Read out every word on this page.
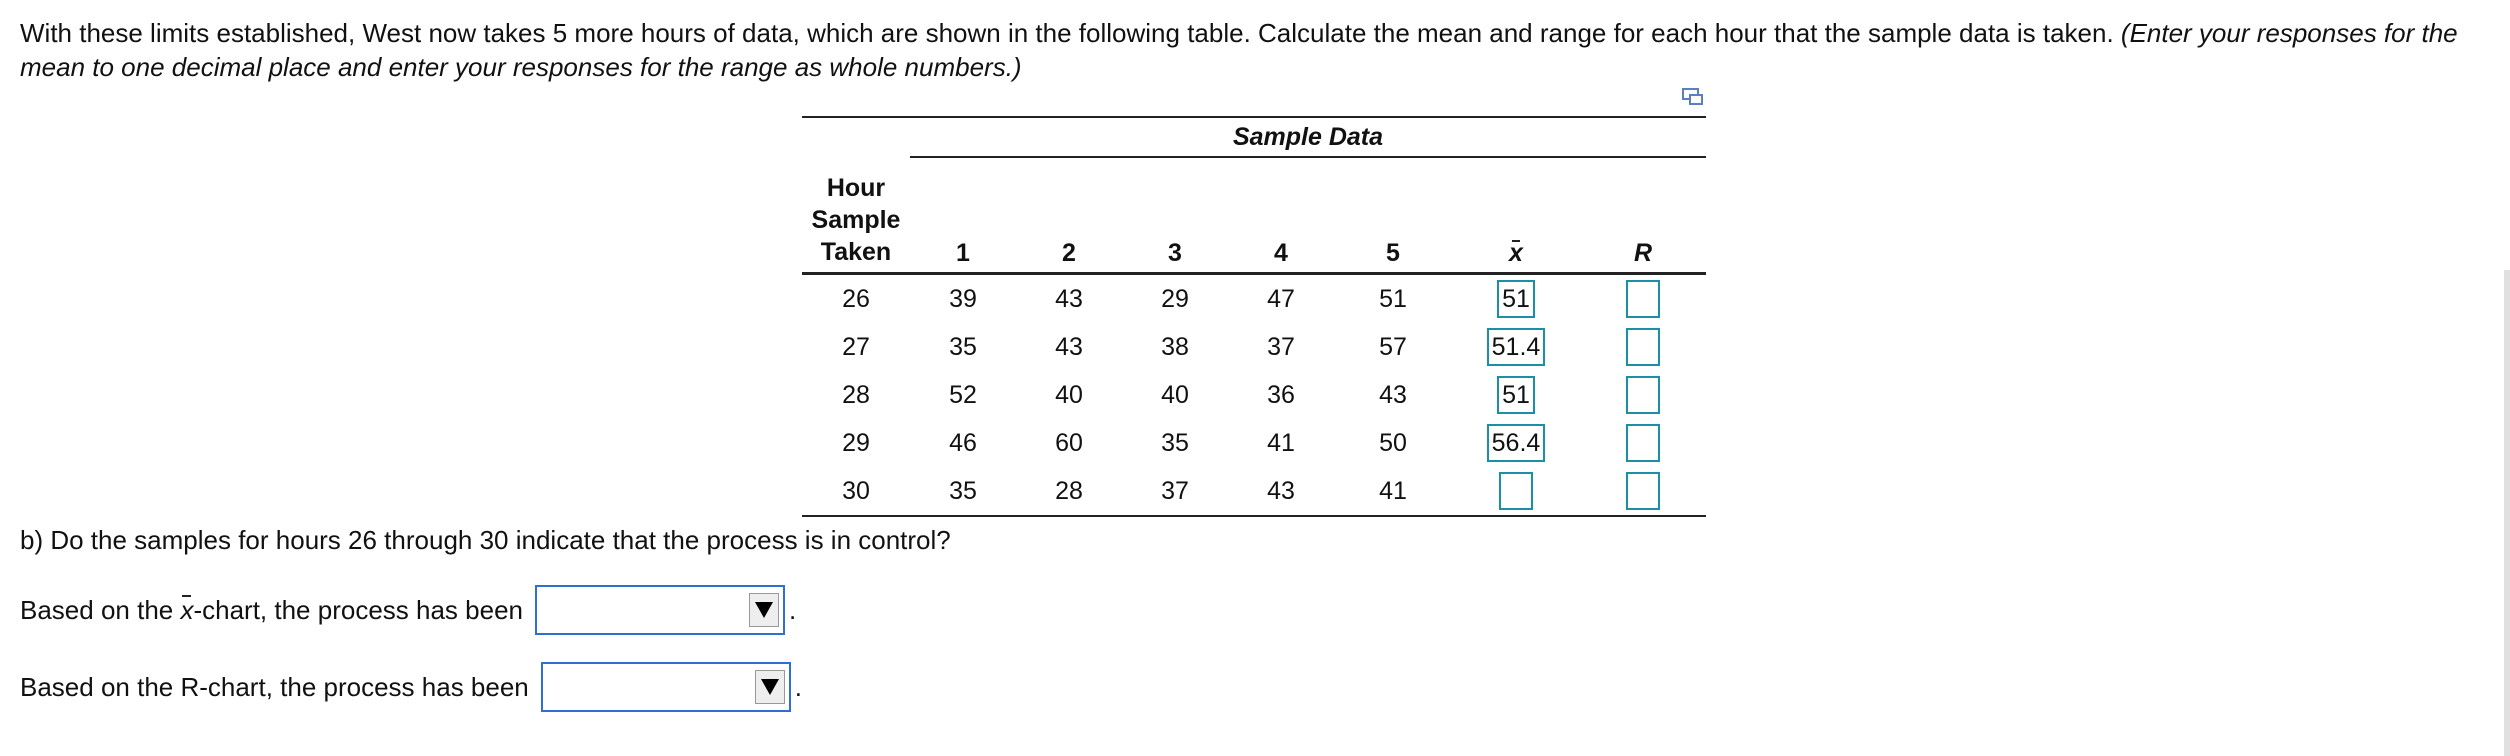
With these limits established, West now takes 5 more hours of data, which are shown in the following table. Calculate the mean and range for each hour that the sample data is taken. (Enter your responses for the mean to one decimal place and enter your responses for the range as whole numbers.)

	Sample Data						

Hour
Sample
Taken	1	2	3	4	5	x	R
26	39	43	29	47	51	51	
27	35	43	38	37	57	51.4	
28	52	40	40	36	43	51	
29	46	60	35	41	50	56.4	
30	35	28	37	43	41		

b) Do the samples for hours 26 through 30 indicate that the process is in control?

Based on the x -chart, the process has been	.
Based on the R-chart, the process has been	.
